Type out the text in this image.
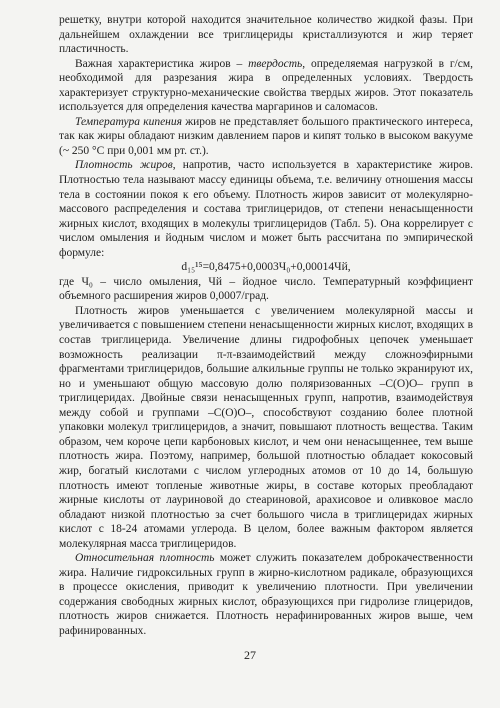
решетку, внутри которой находится значительное количество жидкой фазы. При дальнейшем охлаждении все триглицериды кристаллизуются и жир теряет пластичность.

Важная характеристика жиров – твердость, определяемая нагрузкой в г/см, необходимой для разрезания жира в определенных условиях. Твердость характеризует структурно-механические свойства твердых жиров. Этот показатель используется для определения качества маргаринов и саломасов.

Температура кипения жиров не представляет большого практического интереса, так как жиры обладают низким давлением паров и кипят только в высоком вакууме (~ 250 °С при 0,001 мм рт. ст.).

Плотность жиров, напротив, часто используется в характеристике жиров. Плотностью тела называют массу единицы объема, т.е. величину отношения массы тела в состоянии покоя к его объему. Плотность жиров зависит от молекулярно-массового распределения и состава триглицеридов, от степени ненасыщенности жирных кислот, входящих в молекулы триглицеридов (Табл. 5). Она коррелирует с числом омыления и йодным числом и может быть рассчитана по эмпирической формуле:

d₁₅¹⁵=0,8475+0,0003Ч₀+0,00014Чй,

где Ч₀ – число омыления, Чй – йодное число. Температурный коэффициент объемного расширения жиров 0,0007/град.

Плотность жиров уменьшается с увеличением молекулярной массы и увеличивается с повышением степени ненасыщенности жирных кислот, входящих в состав триглицерида. Увеличение длины гидрофобных цепочек уменьшает возможность реализации π-π-взаимодействий между сложноэфирными фрагментами триглицеридов, большие алкильные группы не только экранируют их, но и уменьшают общую массовую долю поляризованных –С(О)О– групп в триглицеридах. Двойные связи ненасыщенных групп, напротив, взаимодействуя между собой и группами –С(О)О–, способствуют созданию более плотной упаковки молекул триглицеридов, а значит, повышают плотность вещества. Таким образом, чем короче цепи карбоновых кислот, и чем они ненасыщеннее, тем выше плотность жира. Поэтому, например, большой плотностью обладает кокосовый жир, богатый кислотами с числом углеродных атомов от 10 до 14, большую плотность имеют топленые животные жиры, в составе которых преобладают жирные кислоты от лауриновой до стеариновой, арахисовое и оливковое масло обладают низкой плотностью за счет большого числа в триглицеридах жирных кислот с 18-24 атомами углерода. В целом, более важным фактором является молекулярная масса триглицеридов.

Относительная плотность может служить показателем доброкачественности жира. Наличие гидроксильных групп в жирно-кислотном радикале, образующихся в процессе окисления, приводит к увеличению плотности. При увеличении содержания свободных жирных кислот, образующихся при гидролизе глицеридов, плотность жиров снижается. Плотность нерафинированных жиров выше, чем рафинированных.

27
